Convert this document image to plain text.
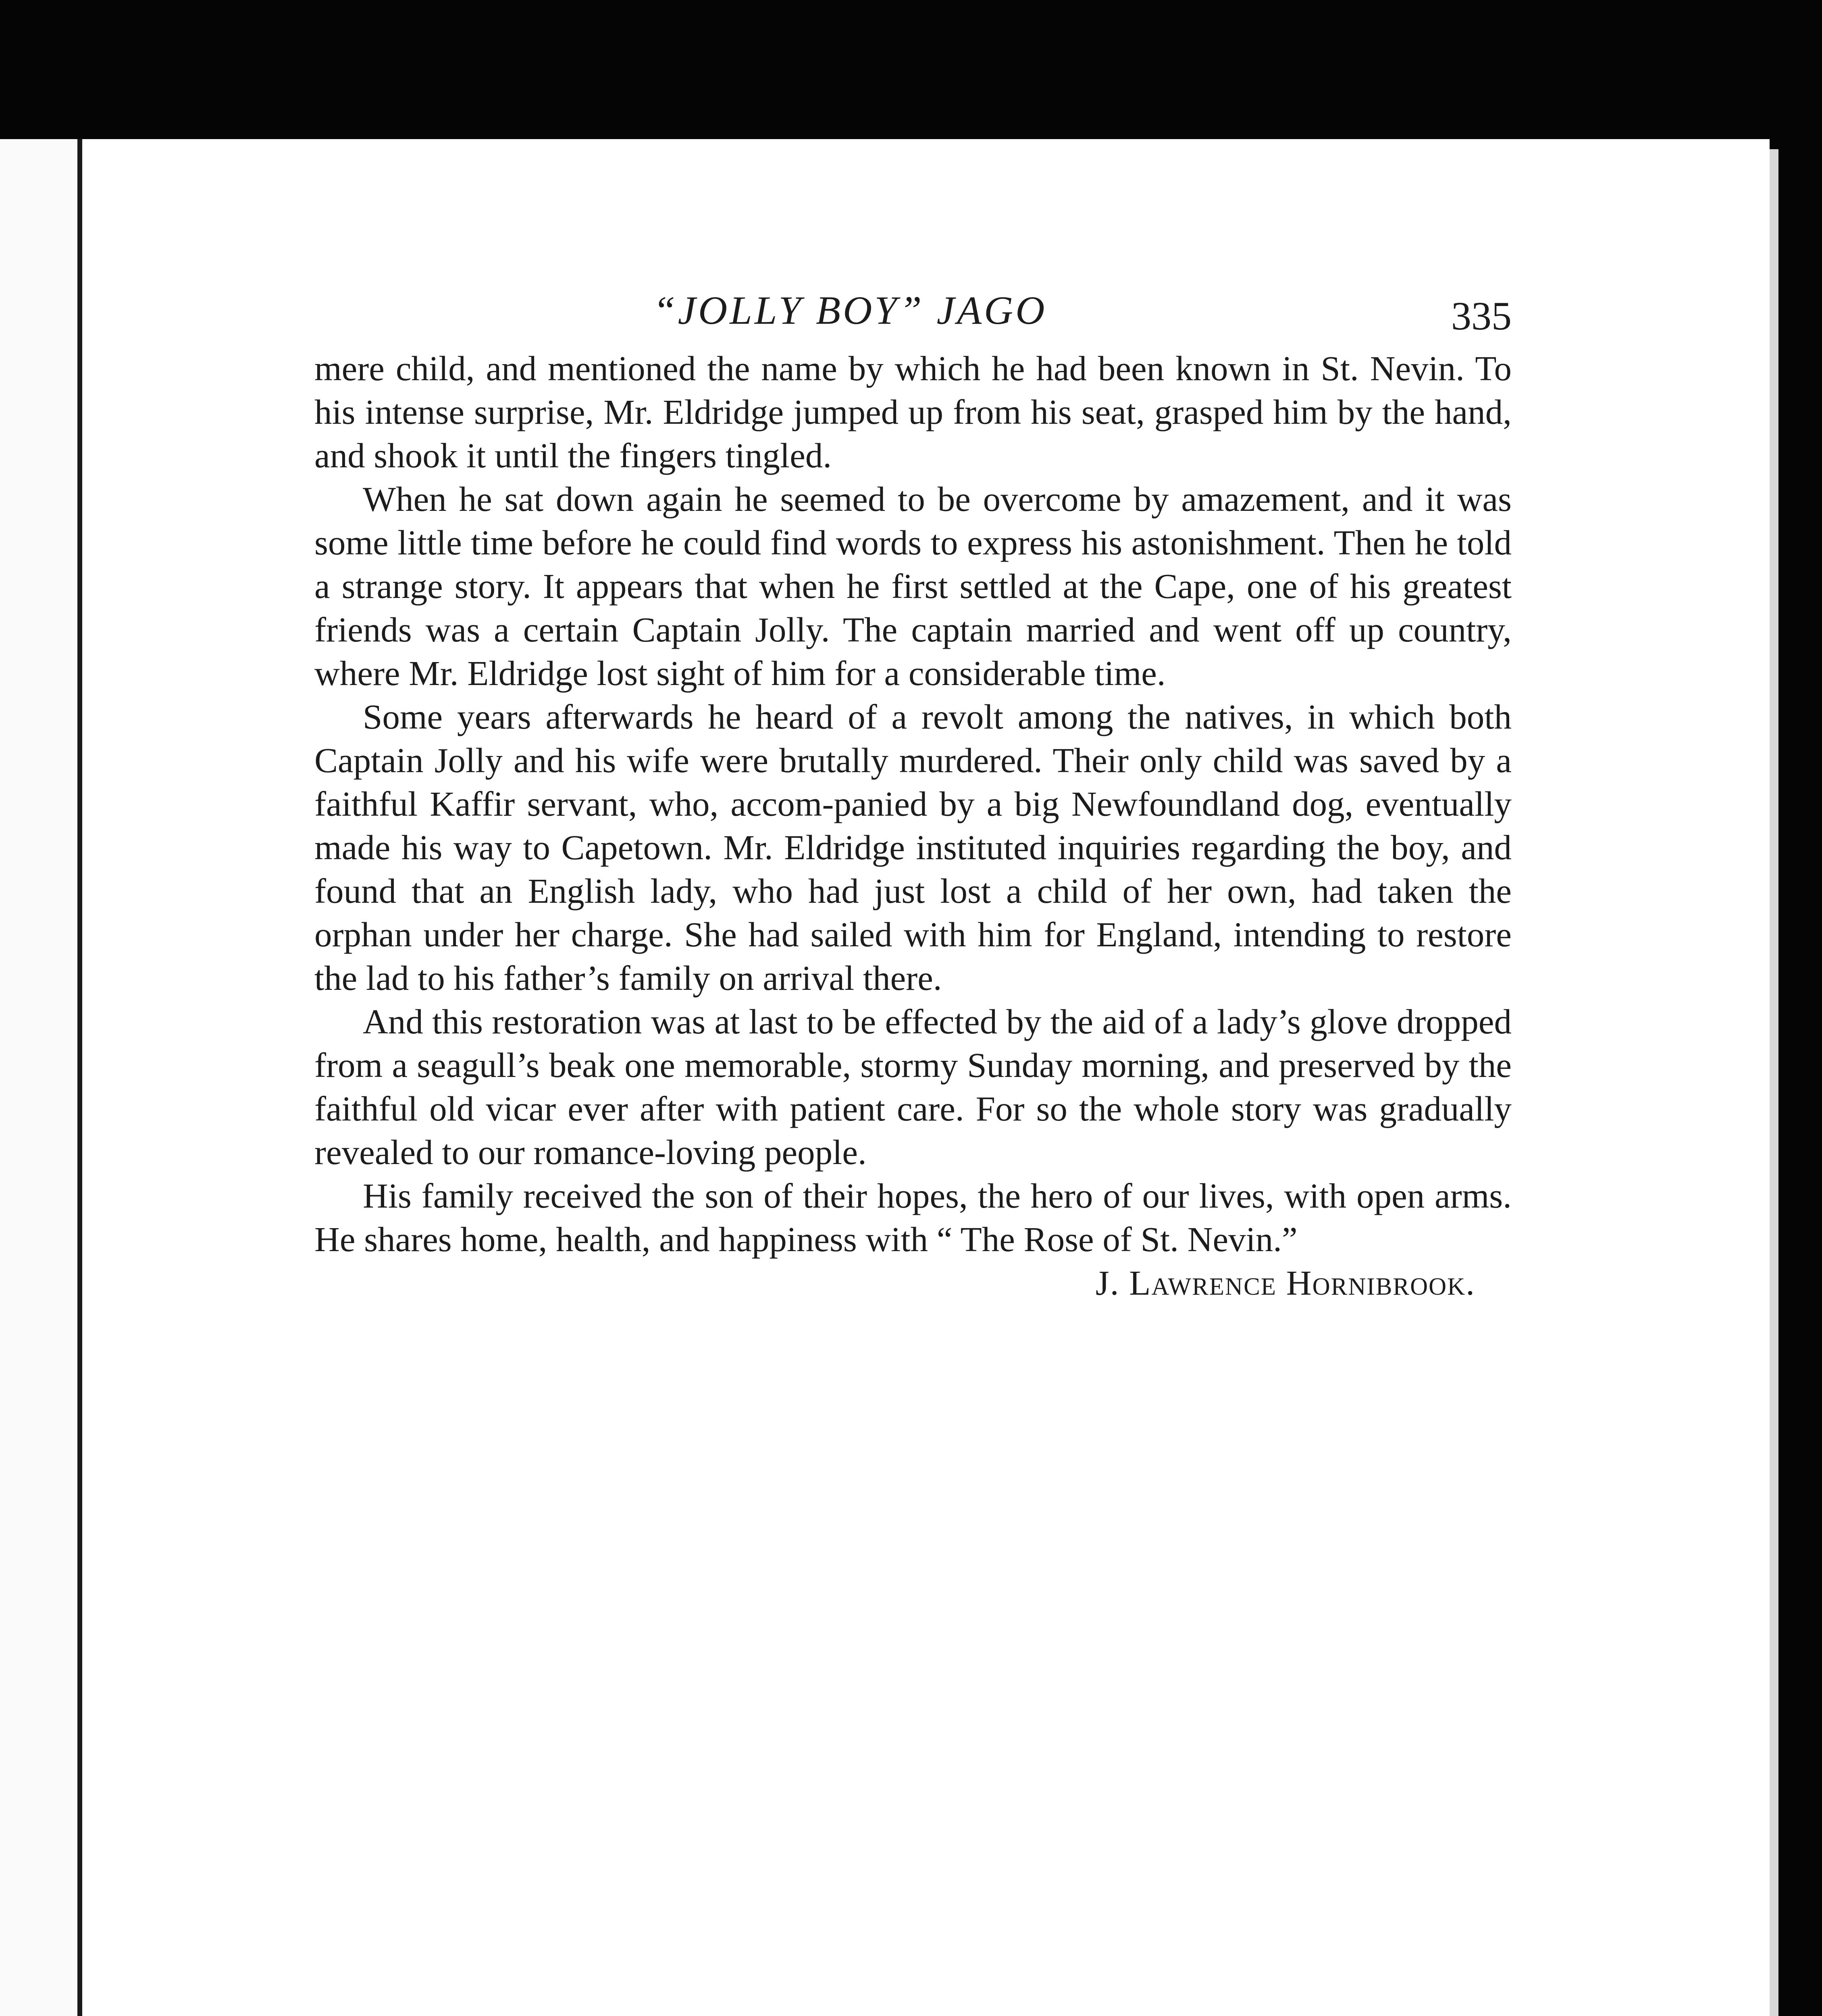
“JOLLY BOY” JAGO	335

mere child, and mentioned the name by which he had been known in St. Nevin. To his intense surprise, Mr. Eldridge jumped up from his seat, grasped him by the hand, and shook it until the fingers tingled.

When he sat down again he seemed to be overcome by amazement, and it was some little time before he could find words to express his astonishment. Then he told a strange story. It appears that when he first settled at the Cape, one of his greatest friends was a certain Captain Jolly. The captain married and went off up country, where Mr. Eldridge lost sight of him for a considerable time.

Some years afterwards he heard of a revolt among the natives, in which both Captain Jolly and his wife were brutally murdered. Their only child was saved by a faithful Kaffir servant, who, accom-panied by a big Newfoundland dog, eventually made his way to Capetown. Mr. Eldridge instituted inquiries regarding the boy, and found that an English lady, who had just lost a child of her own, had taken the orphan under her charge. She had sailed with him for England, intending to restore the lad to his father’s family on arrival there.

And this restoration was at last to be effected by the aid of a lady’s glove dropped from a seagull’s beak one memorable, stormy Sunday morning, and preserved by the faithful old vicar ever after with patient care. For so the whole story was gradually revealed to our romance-loving people.

His family received the son of their hopes, the hero of our lives, with open arms. He shares home, health, and happiness with “ The Rose of St. Nevin.”

J. Lawrence Hornibrook.
